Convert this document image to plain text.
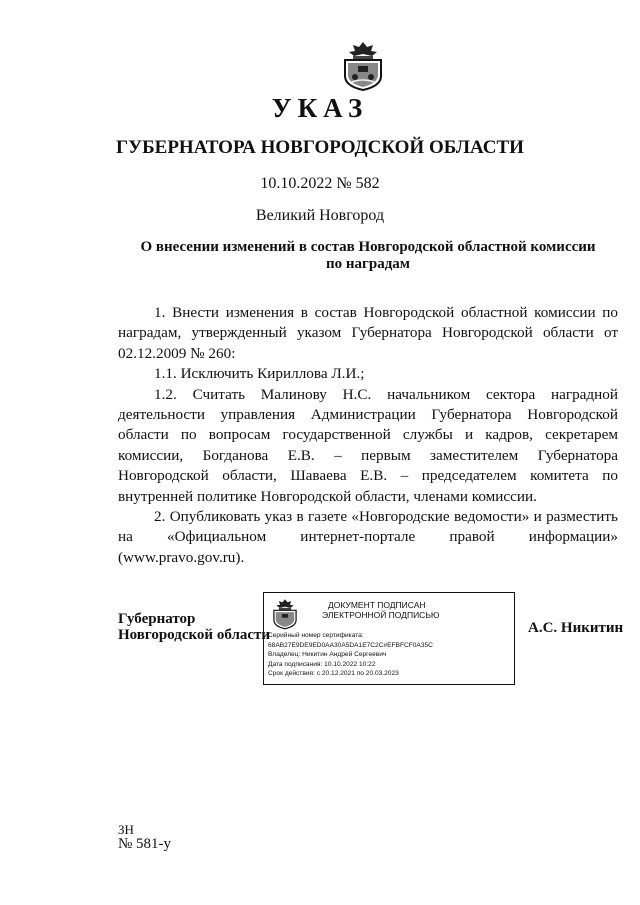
УКАЗ
ГУБЕРНАТОРА НОВГОРОДСКОЙ ОБЛАСТИ
10.10.2022 № 582
Великий Новгород
О внесении изменений в состав Новгородской областной комиссии
по наградам

1. Внести изменения в состав Новгородской областной комиссии по наградам, утвержденный указом Губернатора Новгородской области от 02.12.2009 № 260:

1.1. Исключить Кириллова Л.И.;

1.2. Считать Малинову Н.С. начальником сектора наградной деятельности управления Администрации Губернатора Новгородской области по вопросам государственной службы и кадров, секретарем комиссии, Богданова Е.В. – первым заместителем Губернатора Новгородской области, Шаваева Е.В. – председателем комитета по внутренней политике Новгородской области, членами комиссии.

2. Опубликовать указ в газете «Новгородские ведомости» и разместить на «Официальном интернет-портале правой информации» (www.pravo.gov.ru).

Губернатор
Новгородской области
ДОКУМЕНТ ПОДПИСАН
ЭЛЕКТРОННОЙ ПОДПИСЬЮ
Серийный номер сертификата:
68AB27E9DE9ED0AA30A5DA1E7C2C#EFBFCF0A35C
Владелец: Никитин Андрей Сергеевич
Дата подписания: 10.10.2022 10:22
Срок действия: с 20.12.2021 по 20.03.2023
А.С. Никитин
ЗН
№ 581-у
